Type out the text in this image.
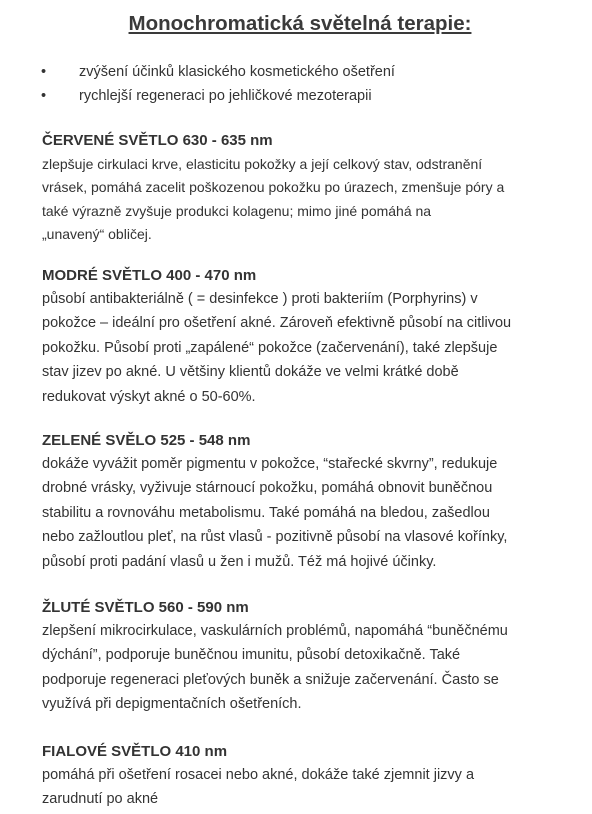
Monochromatická světelná terapie:
• zvýšení účinků klasického kosmetického ošetření
• rychlejší regeneraci po jehličkové mezoterapii
ČERVENÉ SVĚTLO 630 - 635 nm
zlepšuje cirkulaci krve, elasticitu pokožky a její celkový stav, odstranění
vrásek, pomáhá zacelit poškozenou pokožku po úrazech, zmenšuje póry a
také výrazně zvyšuje produkci kolagenu; mimo jiné pomáhá na
„unavený“ obličej.
MODRÉ SVĚTLO 400 - 470 nm
působí antibakteriálně ( = desinfekce ) proti bakteriím (Porphyrins) v
pokožce – ideální pro ošetření akné. Zároveň efektivně působí na citlivou
pokožku. Působí proti „zapálené“ pokožce (začervenání), také zlepšuje
stav jizev po akné. U většiny klientů dokáže ve velmi krátké době
redukovat výskyt akné o 50-60%.
ZELENÉ SVĚLO 525 - 548 nm
dokáže vyvážit poměr pigmentu v pokožce, “stařecké skvrny”, redukuje
drobné vrásky, vyživuje stárnoucí pokožku, pomáhá obnovit buněčnou
stabilitu a rovnováhu metabolismu. Také pomáhá na bledou, zašedlou
nebo zažloutlou pleť, na růst vlasů - pozitivně působí na vlasové kořínky,
působí proti padání vlasů u žen i mužů. Též má hojivé účinky.
ŽLUTÉ SVĚTLO 560 - 590 nm
zlepšení mikrocirkulace, vaskulárních problémů, napomáhá “buněčnému
dýchání”, podporuje buněčnou imunitu, působí detoxikačně. Také
podporuje regeneraci pleťových buněk a snižuje začervenání. Často se
využívá při depigmentačních ošetřeních.
FIALOVÉ SVĚTLO 410 nm
pomáhá při ošetření rosacei nebo akné, dokáže také zjemnit jizvy a
zarudnutí po akné
